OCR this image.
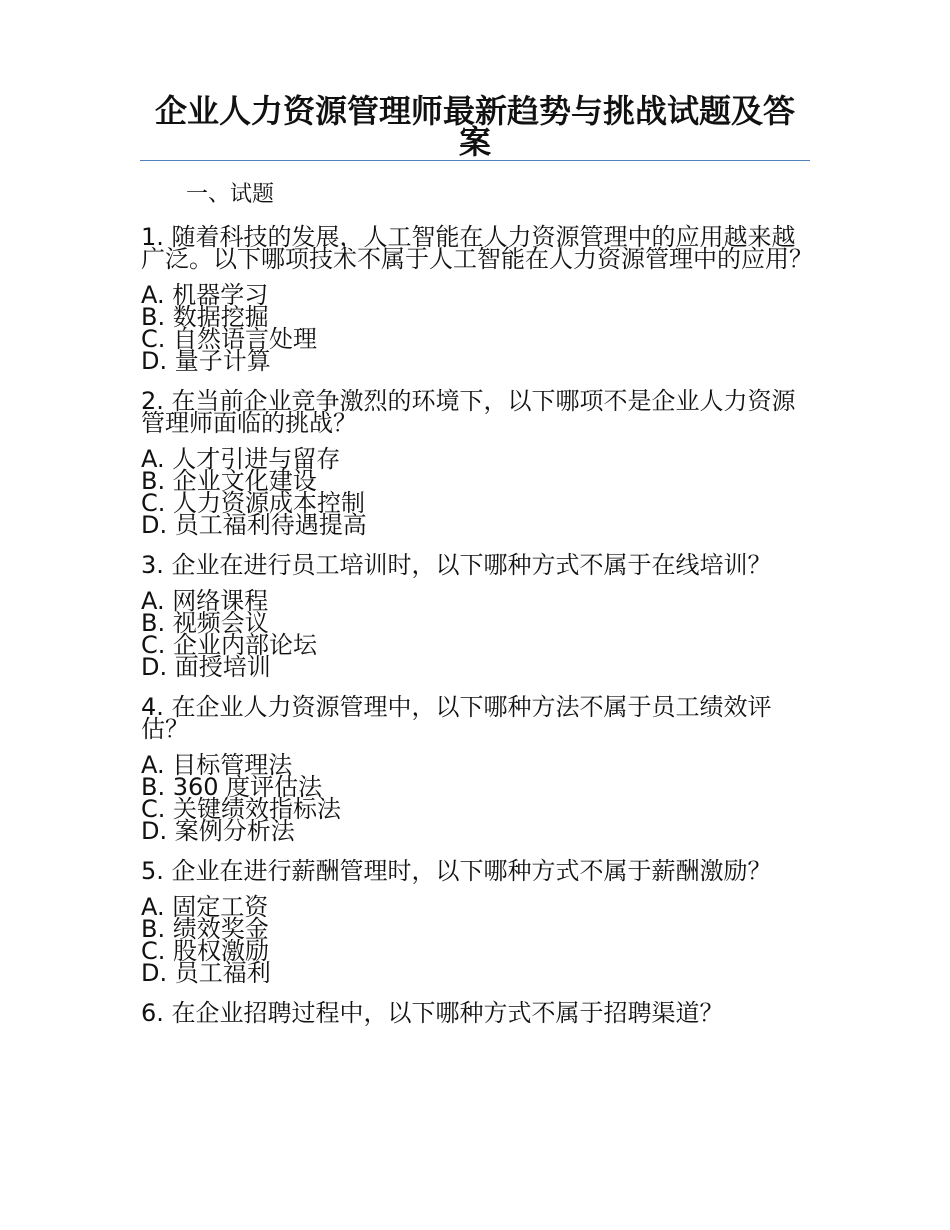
企业人力资源管理师最新趋势与挑战试题及答案
一、试题
1. 随着科技的发展，人工智能在人力资源管理中的应用越来越广泛。以下哪项技术不属于人工智能在人力资源管理中的应用？
A. 机器学习
B. 数据挖掘
C. 自然语言处理
D. 量子计算
2. 在当前企业竞争激烈的环境下，以下哪项不是企业人力资源管理师面临的挑战？
A. 人才引进与留存
B. 企业文化建设
C. 人力资源成本控制
D. 员工福利待遇提高
3. 企业在进行员工培训时，以下哪种方式不属于在线培训？
A. 网络课程
B. 视频会议
C. 企业内部论坛
D. 面授培训
4. 在企业人力资源管理中，以下哪种方法不属于员工绩效评估？
A. 目标管理法
B. 360 度评估法
C. 关键绩效指标法
D. 案例分析法
5. 企业在进行薪酬管理时，以下哪种方式不属于薪酬激励？
A. 固定工资
B. 绩效奖金
C. 股权激励
D. 员工福利
6. 在企业招聘过程中，以下哪种方式不属于招聘渠道？
